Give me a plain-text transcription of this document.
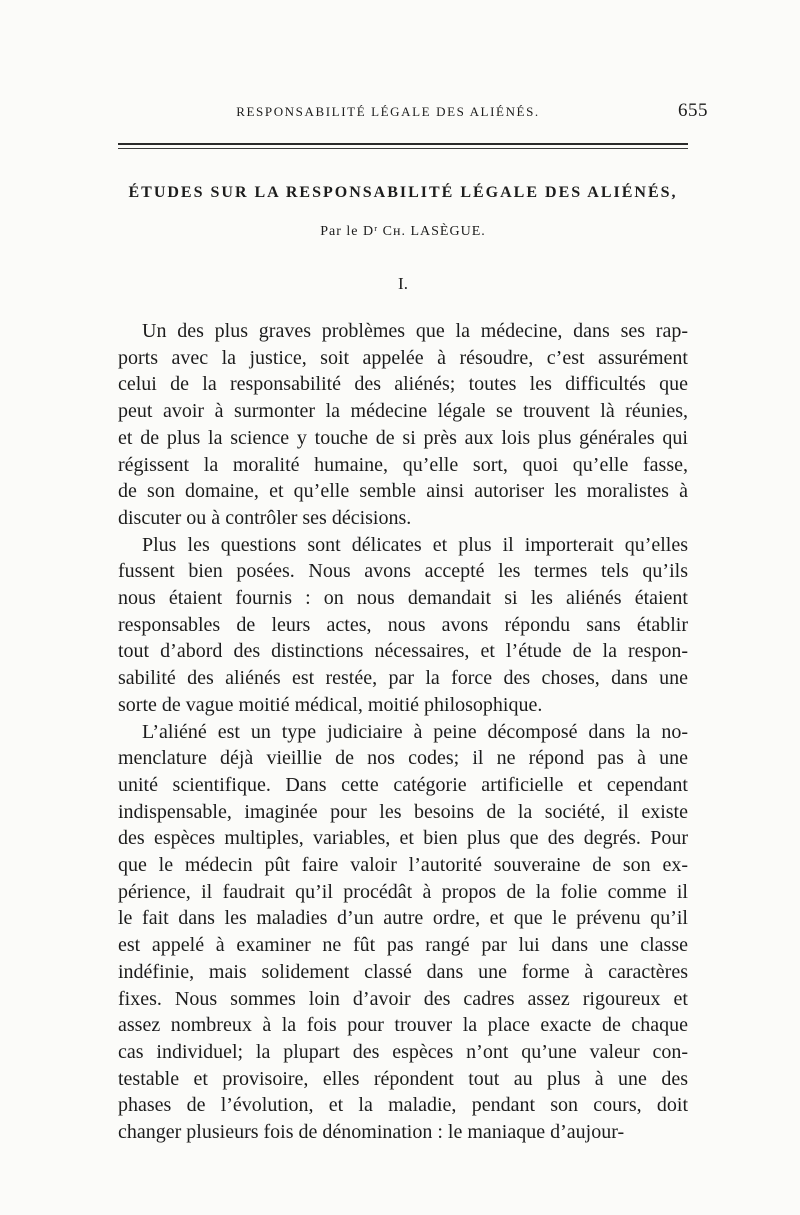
RESPONSABILITÉ LÉGALE DES ALIÉNÉS.	655
ÉTUDES SUR LA RESPONSABILITÉ LÉGALE DES ALIÉNÉS,
Par le Dʳ Cʜ. LASÈGUE.
I.

Un des plus graves problèmes que la médecine, dans ses rap-
ports avec la justice, soit appelée à résoudre, c’est assurément
celui de la responsabilité des aliénés; toutes les difficultés que
peut avoir à surmonter la médecine légale se trouvent là réunies,
et de plus la science y touche de si près aux lois plus générales qui
régissent la moralité humaine, qu’elle sort, quoi qu’elle fasse,
de son domaine, et qu’elle semble ainsi autoriser les moralistes à
discuter ou à contrôler ses décisions.

Plus les questions sont délicates et plus il importerait qu’elles
fussent bien posées. Nous avons accepté les termes tels qu’ils
nous étaient fournis : on nous demandait si les aliénés étaient
responsables de leurs actes, nous avons répondu sans établir
tout d’abord des distinctions nécessaires, et l’étude de la respon-
sabilité des aliénés est restée, par la force des choses, dans une
sorte de vague moitié médical, moitié philosophique.

L’aliéné est un type judiciaire à peine décomposé dans la no-
menclature déjà vieillie de nos codes; il ne répond pas à une
unité scientifique. Dans cette catégorie artificielle et cependant
indispensable, imaginée pour les besoins de la société, il existe
des espèces multiples, variables, et bien plus que des degrés. Pour
que le médecin pût faire valoir l’autorité souveraine de son ex-
périence, il faudrait qu’il procédât à propos de la folie comme il
le fait dans les maladies d’un autre ordre, et que le prévenu qu’il
est appelé à examiner ne fût pas rangé par lui dans une classe
indéfinie, mais solidement classé dans une forme à caractères
fixes. Nous sommes loin d’avoir des cadres assez rigoureux et
assez nombreux à la fois pour trouver la place exacte de chaque
cas individuel; la plupart des espèces n’ont qu’une valeur con-
testable et provisoire, elles répondent tout au plus à une des
phases de l’évolution, et la maladie, pendant son cours, doit
changer plusieurs fois de dénomination : le maniaque d’aujour-
